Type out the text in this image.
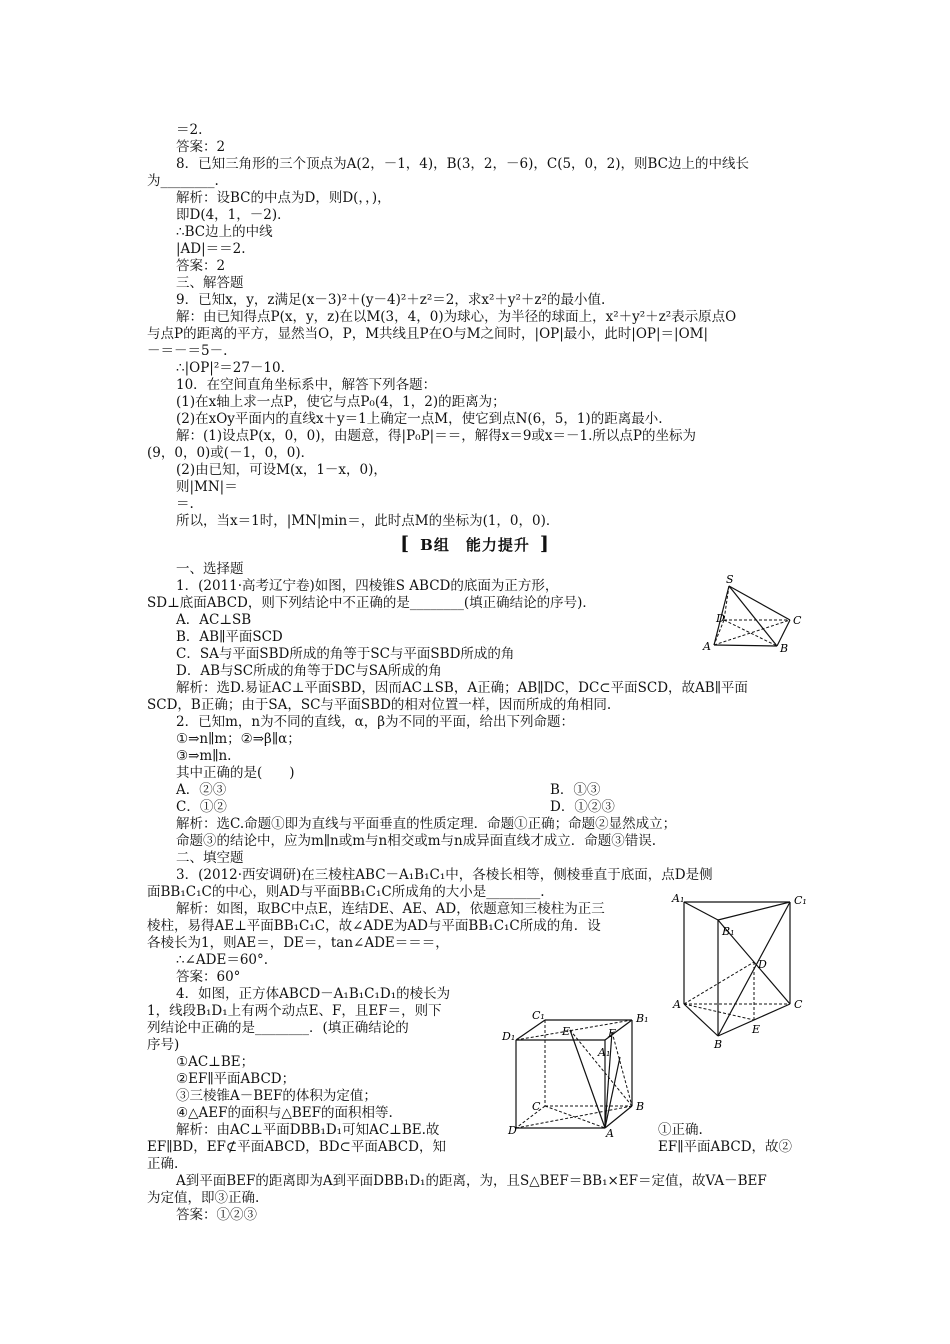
＝2.
答案：2
8．已知三角形的三个顶点为A(2，－1，4)，B(3，2，－6)，C(5，0，2)，则BC边上的中线长
为________.
解析：设BC的中点为D，则D(，，)，
即D(4，1，－2)．
∴BC边上的中线
|AD|＝＝2.
答案：2
三、解答题
9．已知x，y，z满足(x－3)²＋(y－4)²＋z²＝2，求x²＋y²＋z²的最小值.
解：由已知得点P(x，y，z)在以M(3，4，0)为球心，为半径的球面上，x²＋y²＋z²表示原点O
与点P的距离的平方，显然当O，P，M共线且P在O与M之间时，|OP|最小，此时|OP|＝|OM|
－＝－＝5－.
∴|OP|²＝27－10.
10．在空间直角坐标系中，解答下列各题：
(1)在x轴上求一点P，使它与点P₀(4，1，2)的距离为；
(2)在xOy平面内的直线x＋y＝1上确定一点M，使它到点N(6，5，1)的距离最小.
解：(1)设点P(x，0，0)，由题意，得|P₀P|＝＝，解得x＝9或x＝－1.所以点P的坐标为
(9，0，0)或(－1，0，0)．
(2)由已知，可设M(x，1－x，0)，
则|MN|＝
＝.
所以，当x＝1时，|MN|min＝，此时点M的坐标为(1，0，0)．
[ B组　能力提升 ]
一、选择题
1．(2011·高考辽宁卷)如图，四棱锥S ABCD的底面为正方形，
SD⊥底面ABCD，则下列结论中不正确的是________(填正确结论的序号)．
A．AC⊥SB
B．AB∥平面SCD
C．SA与平面SBD所成的角等于SC与平面SBD所成的角
D．AB与SC所成的角等于DC与SA所成的角
解析：选D.易证AC⊥平面SBD，因而AC⊥SB，A正确；AB∥DC，DC⊂平面SCD，故AB∥平面
SCD，B正确；由于SA，SC与平面SBD的相对位置一样，因而所成的角相同.
2．已知m，n为不同的直线，α，β为不同的平面，给出下列命题：
①⇒n∥m；②⇒β∥α；
③⇒m∥n.
其中正确的是(　　)
A．②③	B．①③
C．①②	D．①②③
解析：选C.命题①即为直线与平面垂直的性质定理．命题①正确；命题②显然成立；
命题③的结论中，应为m∥n或m与n相交或m与n成异面直线才成立．命题③错误.
二、填空题
3．(2012·西安调研)在三棱柱ABC－A₁B₁C₁中，各棱长相等，侧棱垂直于底面，点D是侧
面BB₁C₁C的中心，则AD与平面BB₁C₁C所成角的大小是________.
解析：如图，取BC中点E，连结DE、AE、AD，依题意知三棱柱为正三
棱柱，易得AE⊥平面BB₁C₁C，故∠ADE为AD与平面BB₁C₁C所成的角．设
各棱长为1，则AE＝，DE＝，tan∠ADE＝＝＝，
∴∠ADE＝60°.
答案：60°
4．如图，正方体ABCD－A₁B₁C₁D₁的棱长为
1，线段B₁D₁上有两个动点E、F，且EF＝，则下
列结论中正确的是________．(填正确结论的
序号)
①AC⊥BE；
②EF∥平面ABCD；
③三棱锥A－BEF的体积为定值；
④△AEF的面积与△BEF的面积相等.
解析：由AC⊥平面DBB₁D₁可知AC⊥BE.故	①正确.
EF∥BD，EF⊄平面ABCD，BD⊂平面ABCD，知	EF∥平面ABCD，故②
正确.
A到平面BEF的距离即为A到平面DBB₁D₁的距离，为，且S△BEF＝BB₁×EF＝定值，故VA－BEF
为定值，即③正确.
答案：①②③
S
D	C
A	B
A₁	C₁
B₁
D
A
E
C
B
C₁	B₁
D₁
A₁
E	F
C	B
D	A
